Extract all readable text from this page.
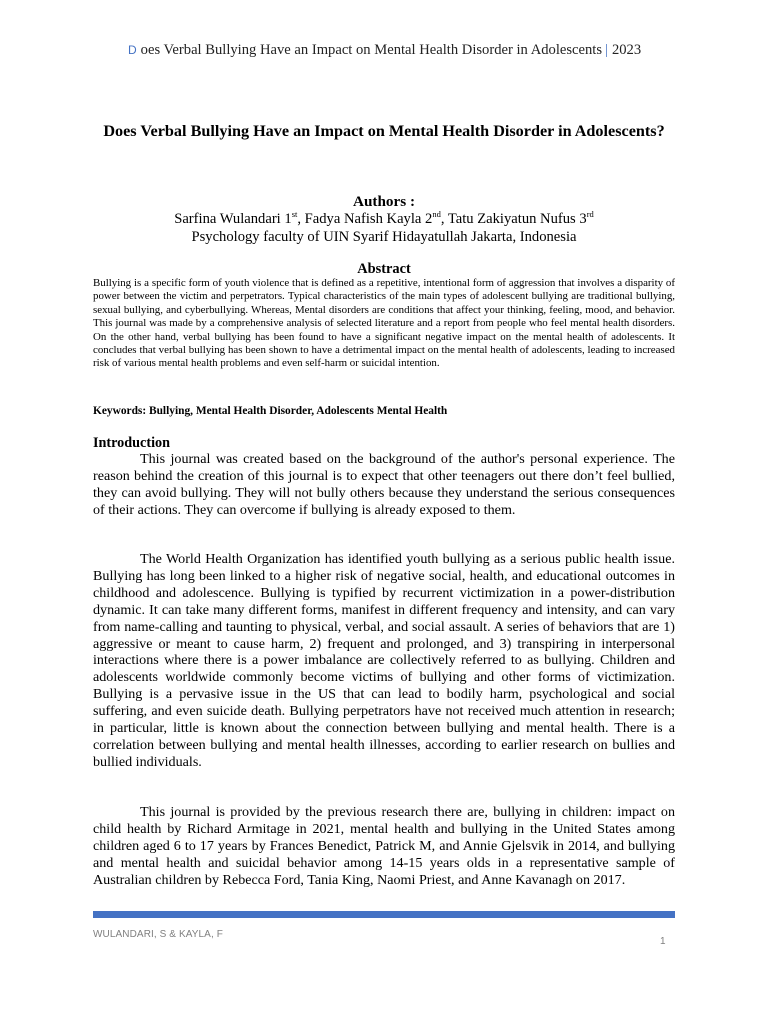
D oes Verbal Bullying Have an Impact on Mental Health Disorder in Adolescents | 2023
Does Verbal Bullying Have an Impact on Mental Health Disorder in Adolescents?
Authors :
Sarfina Wulandari 1st, Fadya Nafish Kayla 2nd, Tatu Zakiyatun Nufus 3rd
Psychology faculty of UIN Syarif Hidayatullah Jakarta, Indonesia
Abstract

Bullying is a specific form of youth violence that is defined as a repetitive, intentional form of aggression that involves a disparity of power between the victim and perpetrators. Typical characteristics of the main types of adolescent bullying are traditional bullying, sexual bullying, and cyberbullying. Whereas, Mental disorders are conditions that affect your thinking, feeling, mood, and behavior. This journal was made by a comprehensive analysis of selected literature and a report from people who feel mental health disorders. On the other hand, verbal bullying has been found to have a significant negative impact on the mental health of adolescents. It concludes that verbal bullying has been shown to have a detrimental impact on the mental health of adolescents, leading to increased risk of various mental health problems and even self-harm or suicidal intention.

Keywords: Bullying, Mental Health Disorder, Adolescents Mental Health
Introduction

This journal was created based on the background of the author's personal experience. The reason behind the creation of this journal is to expect that other teenagers out there don’t feel bullied, they can avoid bullying. They will not bully others because they understand the serious consequences of their actions. They can overcome if bullying is already exposed to them.

The World Health Organization has identified youth bullying as a serious public health issue. Bullying has long been linked to a higher risk of negative social, health, and educational outcomes in childhood and adolescence. Bullying is typified by recurrent victimization in a power-distribution dynamic. It can take many different forms, manifest in different frequency and intensity, and can vary from name-calling and taunting to physical, verbal, and social assault. A series of behaviors that are 1) aggressive or meant to cause harm, 2) frequent and prolonged, and 3) transpiring in interpersonal interactions where there is a power imbalance are collectively referred to as bullying. Children and adolescents worldwide commonly become victims of bullying and other forms of victimization. Bullying is a pervasive issue in the US that can lead to bodily harm, psychological and social suffering, and even suicide death. Bullying perpetrators have not received much attention in research; in particular, little is known about the connection between bullying and mental health. There is a correlation between bullying and mental health illnesses, according to earlier research on bullies and bullied individuals.

This journal is provided by the previous research there are, bullying in children: impact on child health by Richard Armitage in 2021, mental health and bullying in the United States among children aged 6 to 17 years by Frances Benedict, Patrick M, and Annie Gjelsvik in 2014, and bullying and mental health and suicidal behavior among 14-15 years olds in a representative sample of Australian children by Rebecca Ford, Tania King, Naomi Priest, and Anne Kavanagh on 2017.

WULANDARI, S & KAYLA, F
1
